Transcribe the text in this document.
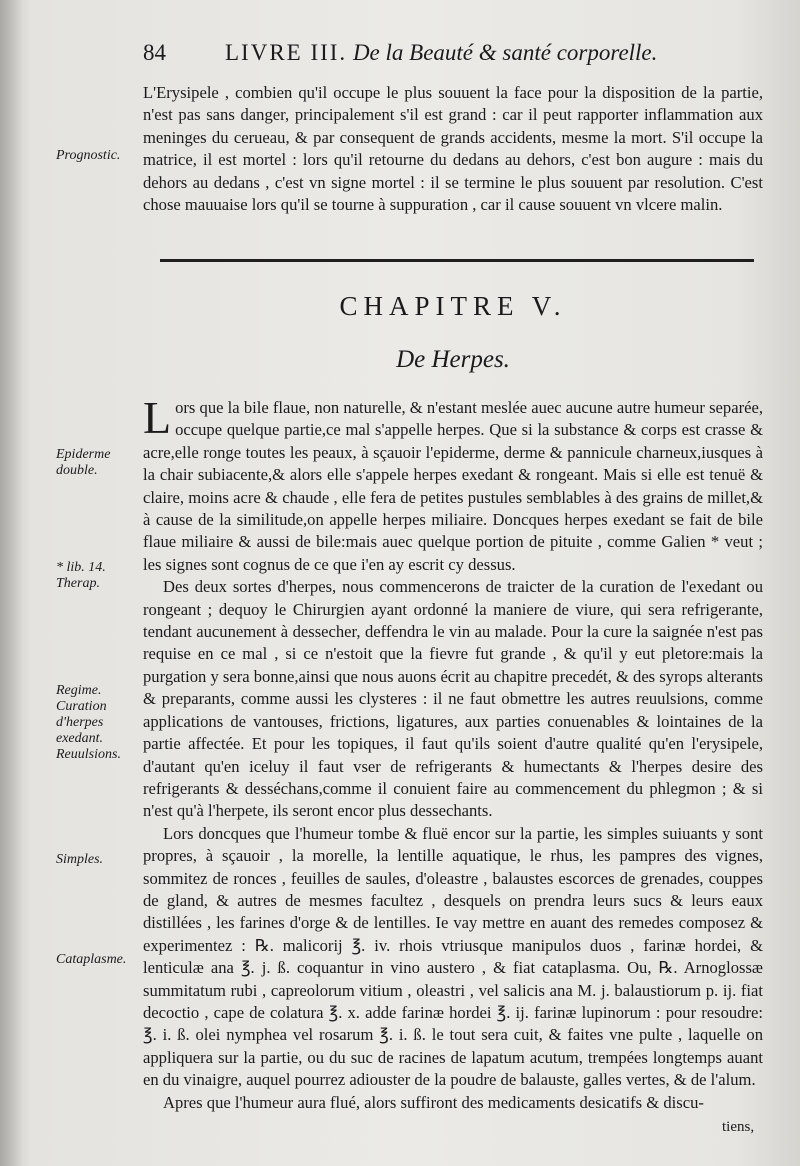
84	LIVRE III. De la Beauté & santé corporelle.

L'Erysipele , combien qu'il occupe le plus souuent la face pour la disposition de la partie, n'est pas sans danger, principalement s'il est grand : car il peut rapporter inflammation aux meninges du cerueau, & par consequent de grands accidents, mesme la mort. S'il occupe la matrice, il est mortel : lors qu'il retourne du dedans au dehors, c'est bon augure : mais du dehors au dedans , c'est vn signe mortel : il se termine le plus souuent par resolution. C'est chose mauuaise lors qu'il se tourne à suppuration , car il cause souuent vn vlcere malin.

Prognostic.
CHAPITRE V.
De Herpes.

Lors que la bile flaue, non naturelle, & n'estant meslée auec aucune autre humeur separée, occupe quelque partie,ce mal s'appelle herpes. Que si la substance & corps est crasse & acre,elle ronge toutes les peaux, à sçauoir l'epiderme, derme & pannicule charneux,iusques à la chair subiacente,& alors elle s'appele herpes exedant & rongeant. Mais si elle est tenuë & claire, moins acre & chaude , elle fera de petites pustules semblables à des grains de millet,& à cause de la similitude,on appelle herpes miliaire. Doncques herpes exedant se fait de bile flaue miliaire & aussi de bile:mais auec quelque portion de pituite , comme Galien * veut ; les signes sont cognus de ce que i'en ay escrit cy dessus.

Des deux sortes d'herpes, nous commencerons de traicter de la curation de l'exedant ou rongeant ; dequoy le Chirurgien ayant ordonné la maniere de viure, qui sera refrigerante, tendant aucunement à dessecher, deffendra le vin au malade. Pour la cure la saignée n'est pas requise en ce mal , si ce n'estoit que la fievre fut grande , & qu'il y eut pletore:mais la purgation y sera bonne,ainsi que nous auons écrit au chapitre precedét, & des syrops alterants & preparants, comme aussi les clysteres : il ne faut obmettre les autres reuulsions, comme applications de vantouses, frictions, ligatures, aux parties conuenables & lointaines de la partie affectée. Et pour les topiques, il faut qu'ils soient d'autre qualité qu'en l'erysipele, d'autant qu'en iceluy il faut vser de refrigerants & humectants & l'herpes desire des refrigerants & desséchans,comme il conuient faire au commencement du phlegmon ; & si n'est qu'à l'herpete, ils seront encor plus dessechants.

Lors doncques que l'humeur tombe & fluë encor sur la partie, les simples suiuants y sont propres, à sçauoir , la morelle, la lentille aquatique, le rhus, les pampres des vignes, sommitez de ronces , feuilles de saules, d'oleastre , balaustes escorces de grenades, couppes de gland, & autres de mesmes facultez , desquels on prendra leurs sucs & leurs eaux distillées , les farines d'orge & de lentilles. Ie vay mettre en auant des remedes composez & experimentez : ℞. malicorij ℥. iv. rhois vtriusque manipulos duos , farinæ hordei, & lenticulæ ana ℥. j. ß. coquantur in vino austero , & fiat cataplasma. Ou, ℞. Arnoglossæ summitatum rubi , capreolorum vitium , oleastri , vel salicis ana M. j. balaustiorum p. ij. fiat decoctio , cape de colatura ℥. x. adde farinæ hordei ℥. ij. farinæ lupinorum : pour resoudre: ℥. i. ß. olei nymphea vel rosarum ℥. i. ß. le tout sera cuit, & faites vne pulte , laquelle on appliquera sur la partie, ou du suc de racines de lapatum acutum, trempées longtemps auant en du vinaigre, auquel pourrez adiouster de la poudre de balauste, galles vertes, & de l'alum.

Apres que l'humeur aura flué, alors suffiront des medicaments desicatifs & discu-

Epiderme double.
* lib. 14. Therap.
Regime. Curation d'herpes exedant. Reuulsions.
Simples.
Cataplasme.
tiens,
